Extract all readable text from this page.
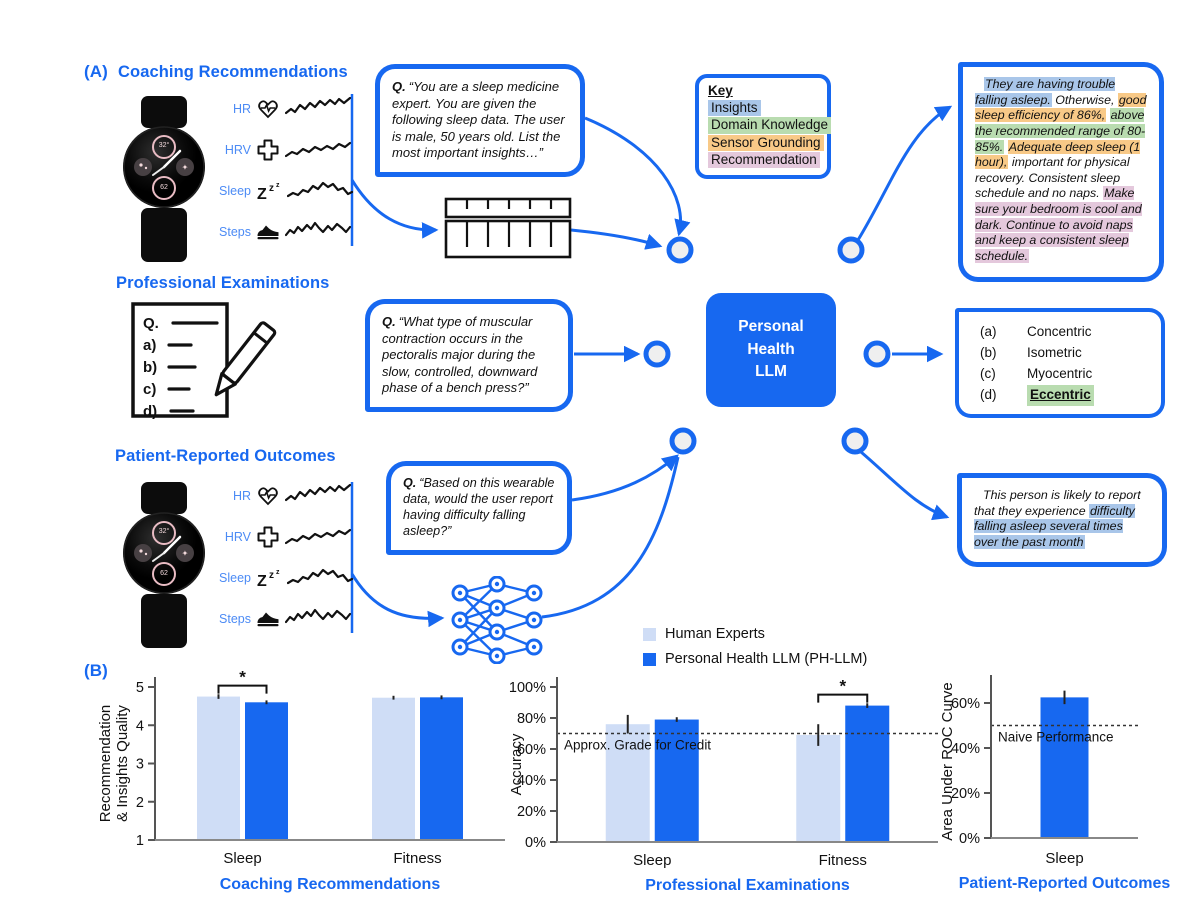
(A) Coaching Recommendations
Professional Examinations
Patient-Reported Outcomes
32°
62
✦
HR
HRV
Sleep Z z z
Steps
Q. “You are a sleep medicine expert. You are given the following sleep data. The user is male, 50 years old. List the most important insights…”
Key
Insights
Domain Knowledge
Sensor Grounding
Recommendation
They are having trouble falling asleep. Otherwise, good sleep efficiency of 86%, above the recommended range of 80-85%. Adequate deep sleep (1 hour), important for physical recovery. Consistent sleep schedule and no naps. Make sure your bedroom is cool and dark. Continue to avoid naps and keep a consistent sleep schedule.
Q.
a)
b)
c)
d)
Q. “What type of muscular contraction occurs in the pectoralis major during the slow, controlled, downward phase of a bench press?”
Personal
Health
LLM
(a)	Concentric
(b)	Isometric
(c)	Myocentric
(d)	Eccentric
32°
62
✦
HR
HRV
Sleep Z z z
Steps
Q. “Based on this wearable data, would the user report having difficulty falling asleep?”
This person is likely to report that they experience difficulty falling asleep several times over the past month
(B)
Human Experts
Personal Health LLM (PH-LLM)
1
2
3
4
5
Sleep	Fitness
Recommendation& Insights Quality
*
Coaching Recommendations
Approx. Grade for Credit
0%
20%
40%
60%
80%
100%
Sleep	Fitness
Accuracy
*
Professional Examinations
Naive Performance
0%
20%
40%
60%
Sleep
Area Under ROC Curve
Patient-Reported Outcomes
